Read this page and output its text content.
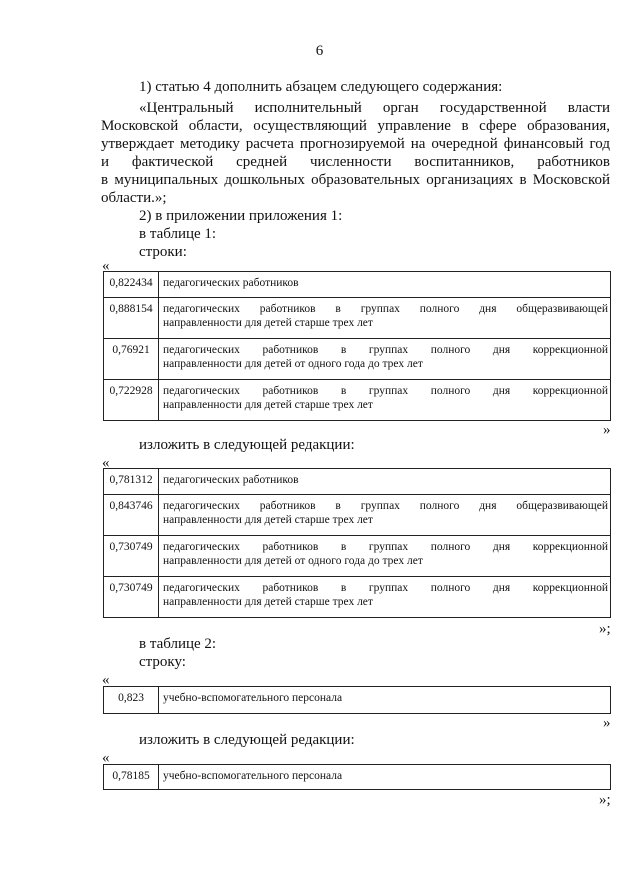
6
1) статью 4 дополнить абзацем следующего содержания:
«Центральный исполнительный орган государственной власти
Московской области, осуществляющий управление в сфере образования,
утверждает методику расчета прогнозируемой на очередной финансовый год
и фактической средней численности воспитанников, работников
в муниципальных дошкольных образовательных организациях в Московской
области.»;
2) в приложении приложения 1:
в таблице 1:
строки:
«
0,822434	педагогических работников
0,888154	педагогических работников в группах полного дня общеразвивающей
направленности для детей старше трех лет

0,76921	педагогических работников в группах полного дня коррекционной
направленности для детей от одного года до трех лет

0,722928	педагогических работников в группах полного дня коррекционной
направленности для детей старше трех лет
»
изложить в следующей редакции:
«
0,781312	педагогических работников
0,843746	педагогических работников в группах полного дня общеразвивающей
направленности для детей старше трех лет

0,730749	педагогических работников в группах полного дня коррекционной
направленности для детей от одного года до трех лет

0,730749	педагогических работников в группах полного дня коррекционной
направленности для детей старше трех лет
»;
в таблице 2:
строку:
«
0,823	учебно-вспомогательного персонала
»
изложить в следующей редакции:
«
0,78185	учебно-вспомогательного персонала
»;
